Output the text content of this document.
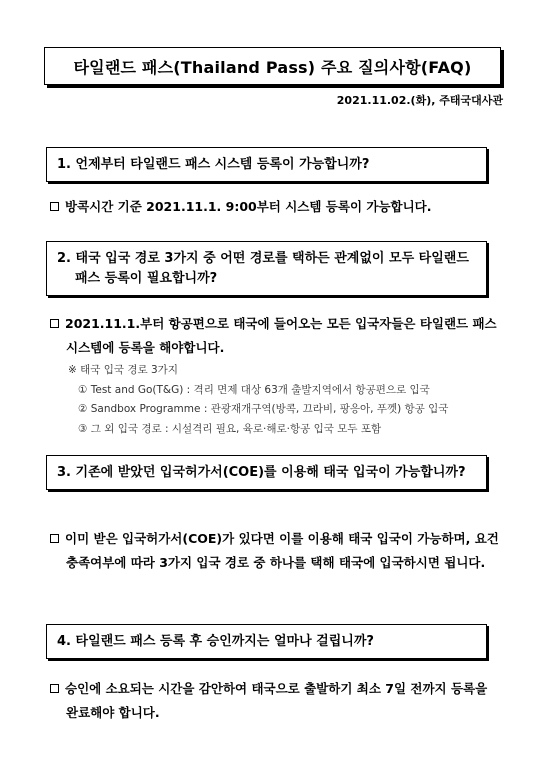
타일랜드 패스(Thailand Pass) 주요 질의사항(FAQ)
2021.11.02.(화), 주태국대사관
1. 언제부터 타일랜드 패스 시스템 등록이 가능합니까?
방콕시간 기준 2021.11.1. 9:00부터 시스템 등록이 가능합니다.
2. 태국 입국 경로 3가지 중 어떤 경로를 택하든 관계없이 모두 타일랜드 패스 등록이 필요합니까?
2021.11.1.부터 항공편으로 태국에 들어오는 모든 입국자들은 타일랜드 패스 시스템에 등록을 해야합니다.
※ 태국 입국 경로 3가지
① Test and Go(T&G) : 격리 면제 대상 63개 출발지역에서 항공편으로 입국
② Sandbox Programme : 관광재개구역(방콕, 끄라비, 팡응아, 푸껫) 항공 입국
③ 그 외 입국 경로 : 시설격리 필요, 육로·해로·항공 입국 모두 포함
3. 기존에 받았던 입국허가서(COE)를 이용해 태국 입국이 가능합니까?
이미 받은 입국허가서(COE)가 있다면 이를 이용해 태국 입국이 가능하며, 요건 충족여부에 따라 3가지 입국 경로 중 하나를 택해 태국에 입국하시면 됩니다.
4. 타일랜드 패스 등록 후 승인까지는 얼마나 걸립니까?
승인에 소요되는 시간을 감안하여 태국으로 출발하기 최소 7일 전까지 등록을 완료해야 합니다.
